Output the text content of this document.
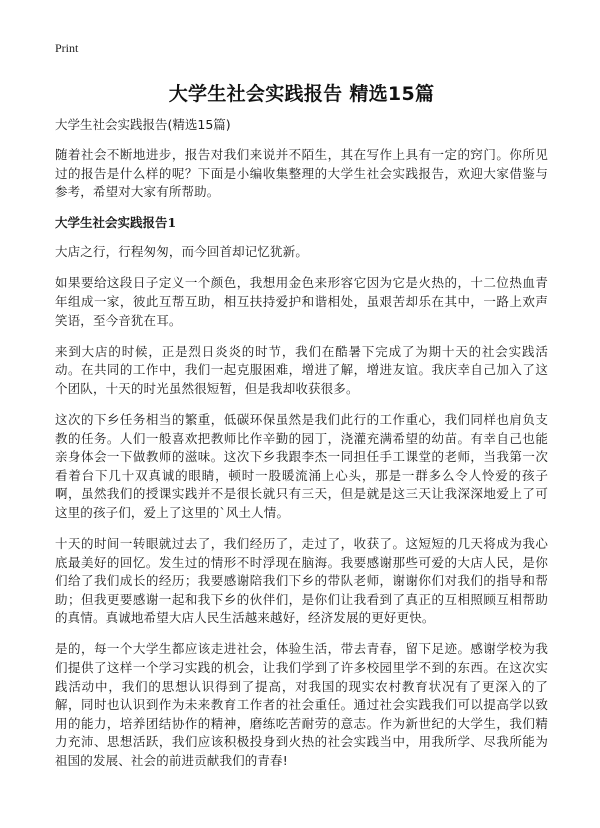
Print
大学生社会实践报告 精选15篇
大学生社会实践报告(精选15篇)

随着社会不断地进步，报告对我们来说并不陌生，其在写作上具有一定的窍门。你所见过的报告是什么样的呢？下面是小编收集整理的大学生社会实践报告，欢迎大家借鉴与参考，希望对大家有所帮助。

大学生社会实践报告1

大店之行，行程匆匆，而今回首却记忆犹新。

如果要给这段日子定义一个颜色，我想用金色来形容它因为它是火热的，十二位热血青年组成一家，彼此互帮互助，相互扶持爱护和谐相处，虽艰苦却乐在其中，一路上欢声笑语，至今音犹在耳。

来到大店的时候，正是烈日炎炎的时节，我们在酷暑下完成了为期十天的社会实践活动。在共同的工作中，我们一起克服困难，增进了解，增进友谊。我庆幸自己加入了这个团队，十天的时光虽然很短暂，但是我却收获很多。

这次的下乡任务相当的繁重，低碳环保虽然是我们此行的工作重心，我们同样也肩负支教的任务。人们一般喜欢把教师比作辛勤的园丁，浇灌充满希望的幼苗。有幸自己也能亲身体会一下做教师的滋味。这次下乡我跟李杰一同担任手工课堂的老师，当我第一次看着台下几十双真诚的眼睛，顿时一股暖流涌上心头，那是一群多么令人怜爱的孩子啊，虽然我们的授课实践并不是很长就只有三天，但是就是这三天让我深深地爱上了可这里的孩子们，爱上了这里的`风土人情。

十天的时间一转眼就过去了，我们经历了，走过了，收获了。这短短的几天将成为我心底最美好的回忆。发生过的情形不时浮现在脑海。我要感谢那些可爱的大店人民，是你们给了我们成长的经历；我要感谢陪我们下乡的带队老师，谢谢你们对我们的指导和帮助；但我更要感谢一起和我下乡的伙伴们，是你们让我看到了真正的互相照顾互相帮助的真情。真诚地希望大店人民生活越来越好，经济发展的更好更快。

是的，每一个大学生都应该走进社会，体验生活，带去青春，留下足迹。感谢学校为我们提供了这样一个学习实践的机会，让我们学到了许多校园里学不到的东西。在这次实践活动中，我们的思想认识得到了提高，对我国的现实农村教育状况有了更深入的了解，同时也认识到作为未来教育工作者的社会重任。通过社会实践我们可以提高学以致用的能力，培养团结协作的精神，磨练吃苦耐劳的意志。作为新世纪的大学生，我们精力充沛、思想活跃，我们应该积极投身到火热的社会实践当中，用我所学、尽我所能为祖国的发展、社会的前进贡献我们的青春!
